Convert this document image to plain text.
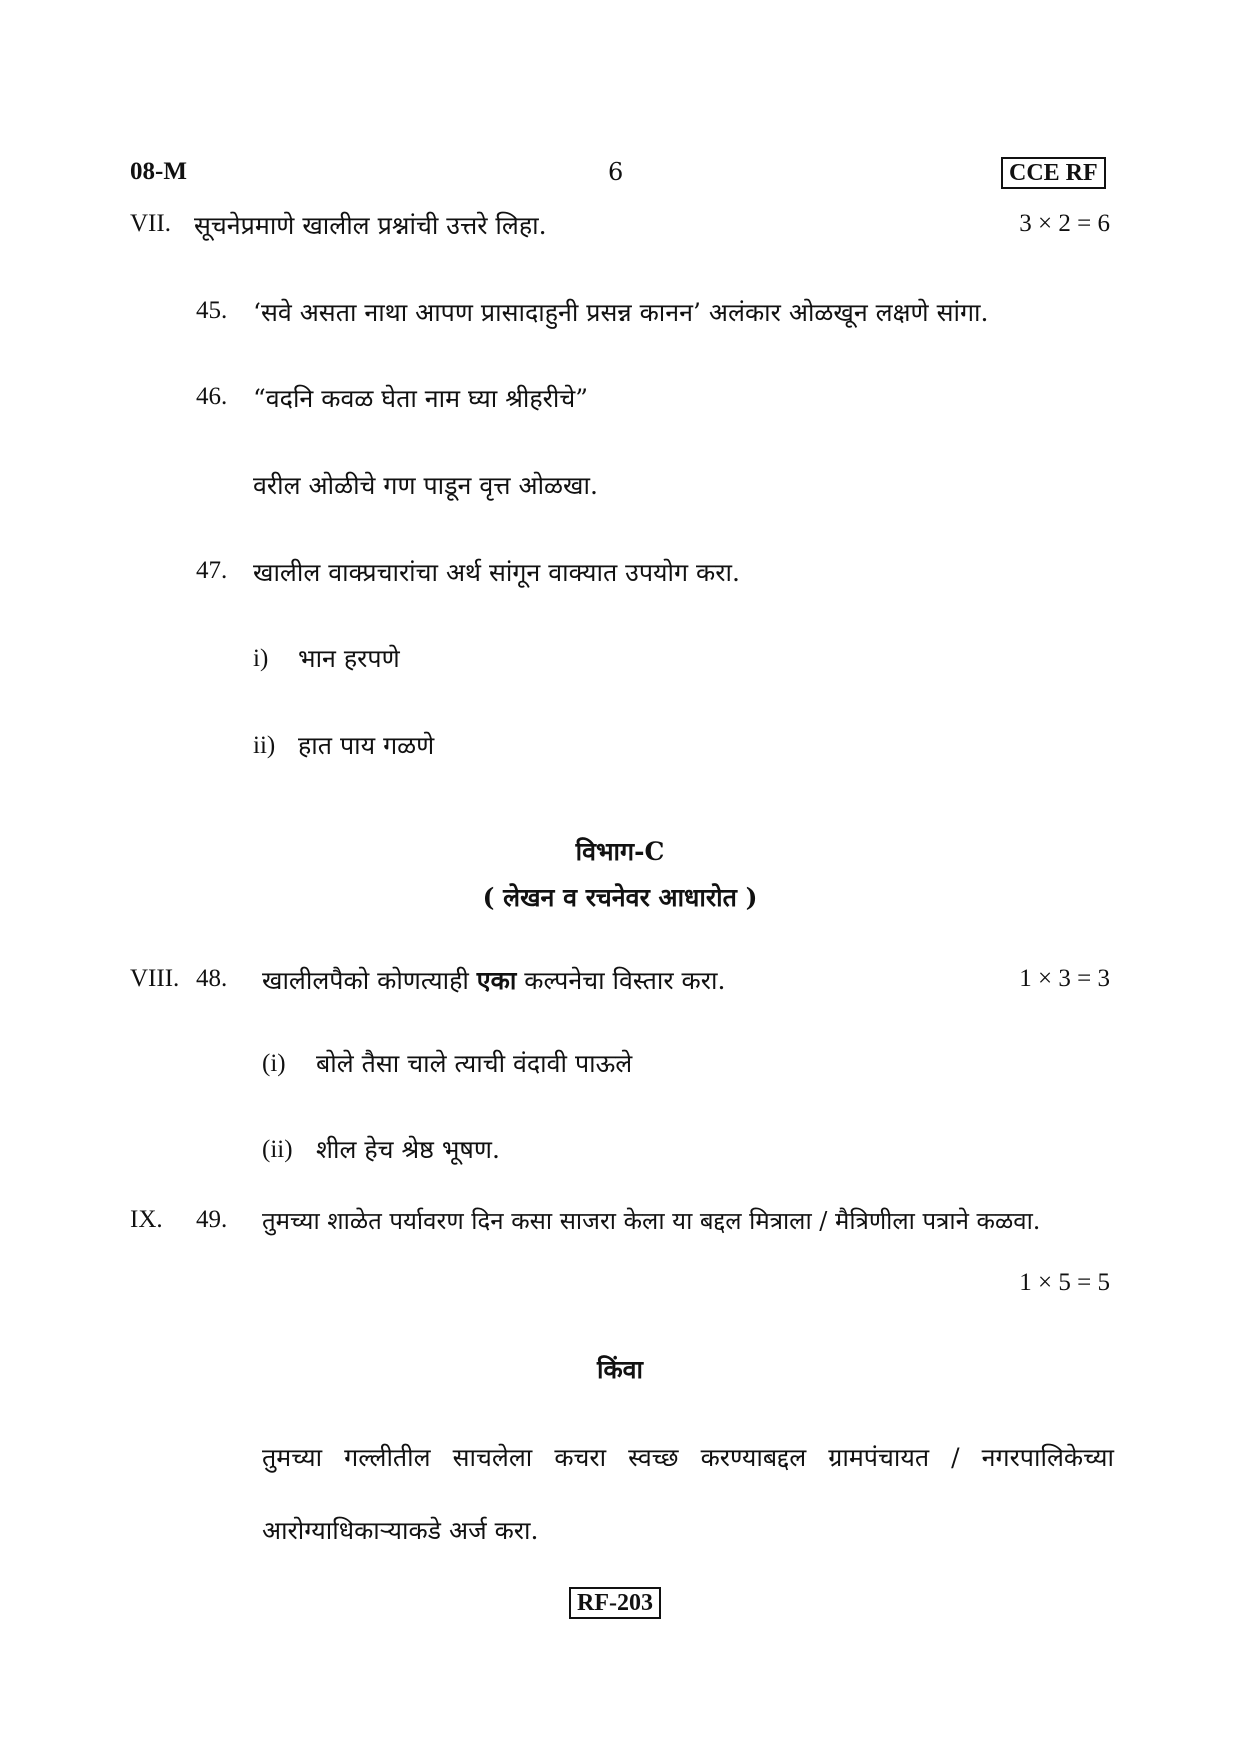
08-M	6	CCE RF
VII. सूचनेप्रमाणे खालील प्रश्नांची उत्तरे लिहा.	3 × 2 = 6
45. ‘सवे असता नाथा आपण प्रासादाहुनी प्रसन्न कानन’ अलंकार ओळखून लक्षणे सांगा.
46. “वदनि कवळ घेता नाम घ्या श्रीहरीचे”
वरील ओळीचे गण पाडून वृत्त ओळखा.
47. खालील वाक्प्रचारांचा अर्थ सांगून वाक्यात उपयोग करा.
i) भान हरपणे
ii) हात पाय गळणे
विभाग-C
( लेखन व रचनेवर आधारोत )
VIII. 48. खालीलपैको कोणत्याही एका कल्पनेचा विस्तार करा.	1 × 3 = 3
(i) बोले तैसा चाले त्याची वंदावी पाऊले
(ii) शील हेच श्रेष्ठ भूषण.
IX. 49. तुमच्या शाळेत पर्यावरण दिन कसा साजरा केला या बद्दल मित्राला / मैत्रिणीला पत्राने कळवा.
1 × 5 = 5
किंवा
तुमच्या गल्लीतील साचलेला कचरा स्वच्छ करण्याबद्दल ग्रामपंचायत / नगरपालिकेच्या
आरोग्याधिकाऱ्याकडे अर्ज करा.
RF-203
